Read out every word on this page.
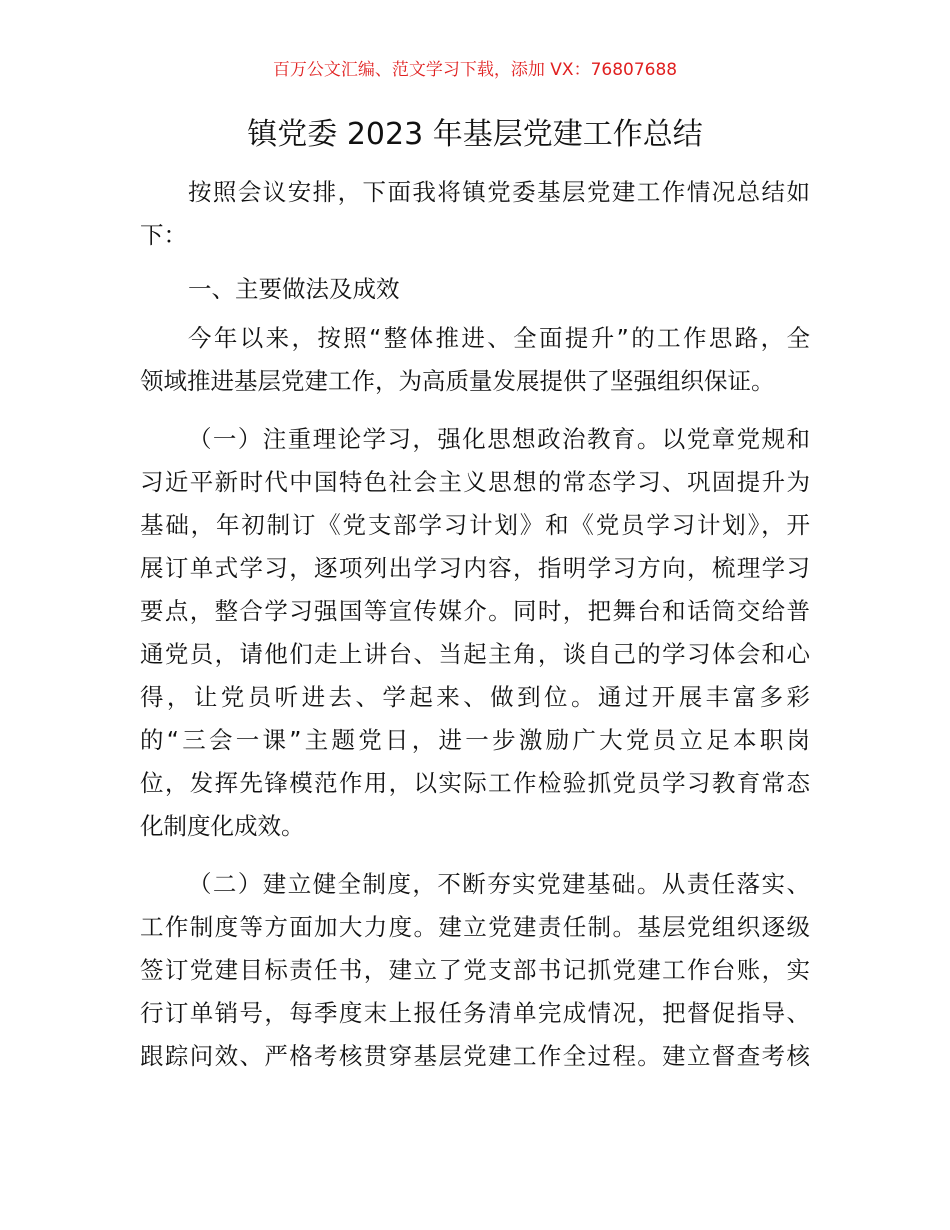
百万公文汇编、范文学习下载，添加 VX：76807688
镇党委 2023 年基层党建工作总结
按照会议安排，下面我将镇党委基层党建工作情况总结如
下：
一、主要做法及成效
今年以来，按照“整体推进、全面提升”的工作思路，全
领域推进基层党建工作，为高质量发展提供了坚强组织保证。
（一）注重理论学习，强化思想政治教育。以党章党规和
习近平新时代中国特色社会主义思想的常态学习、巩固提升为
基础，年初制订《党支部学习计划》和《党员学习计划》，开
展订单式学习，逐项列出学习内容，指明学习方向，梳理学习
要点，整合学习强国等宣传媒介。同时，把舞台和话筒交给普
通党员，请他们走上讲台、当起主角，谈自己的学习体会和心
得，让党员听进去、学起来、做到位。通过开展丰富多彩
的“三会一课”主题党日，进一步激励广大党员立足本职岗
位，发挥先锋模范作用，以实际工作检验抓党员学习教育常态
化制度化成效。
（二）建立健全制度，不断夯实党建基础。从责任落实、
工作制度等方面加大力度。建立党建责任制。基层党组织逐级
签订党建目标责任书，建立了党支部书记抓党建工作台账，实
行订单销号，每季度末上报任务清单完成情况，把督促指导、
跟踪问效、严格考核贯穿基层党建工作全过程。建立督查考核
